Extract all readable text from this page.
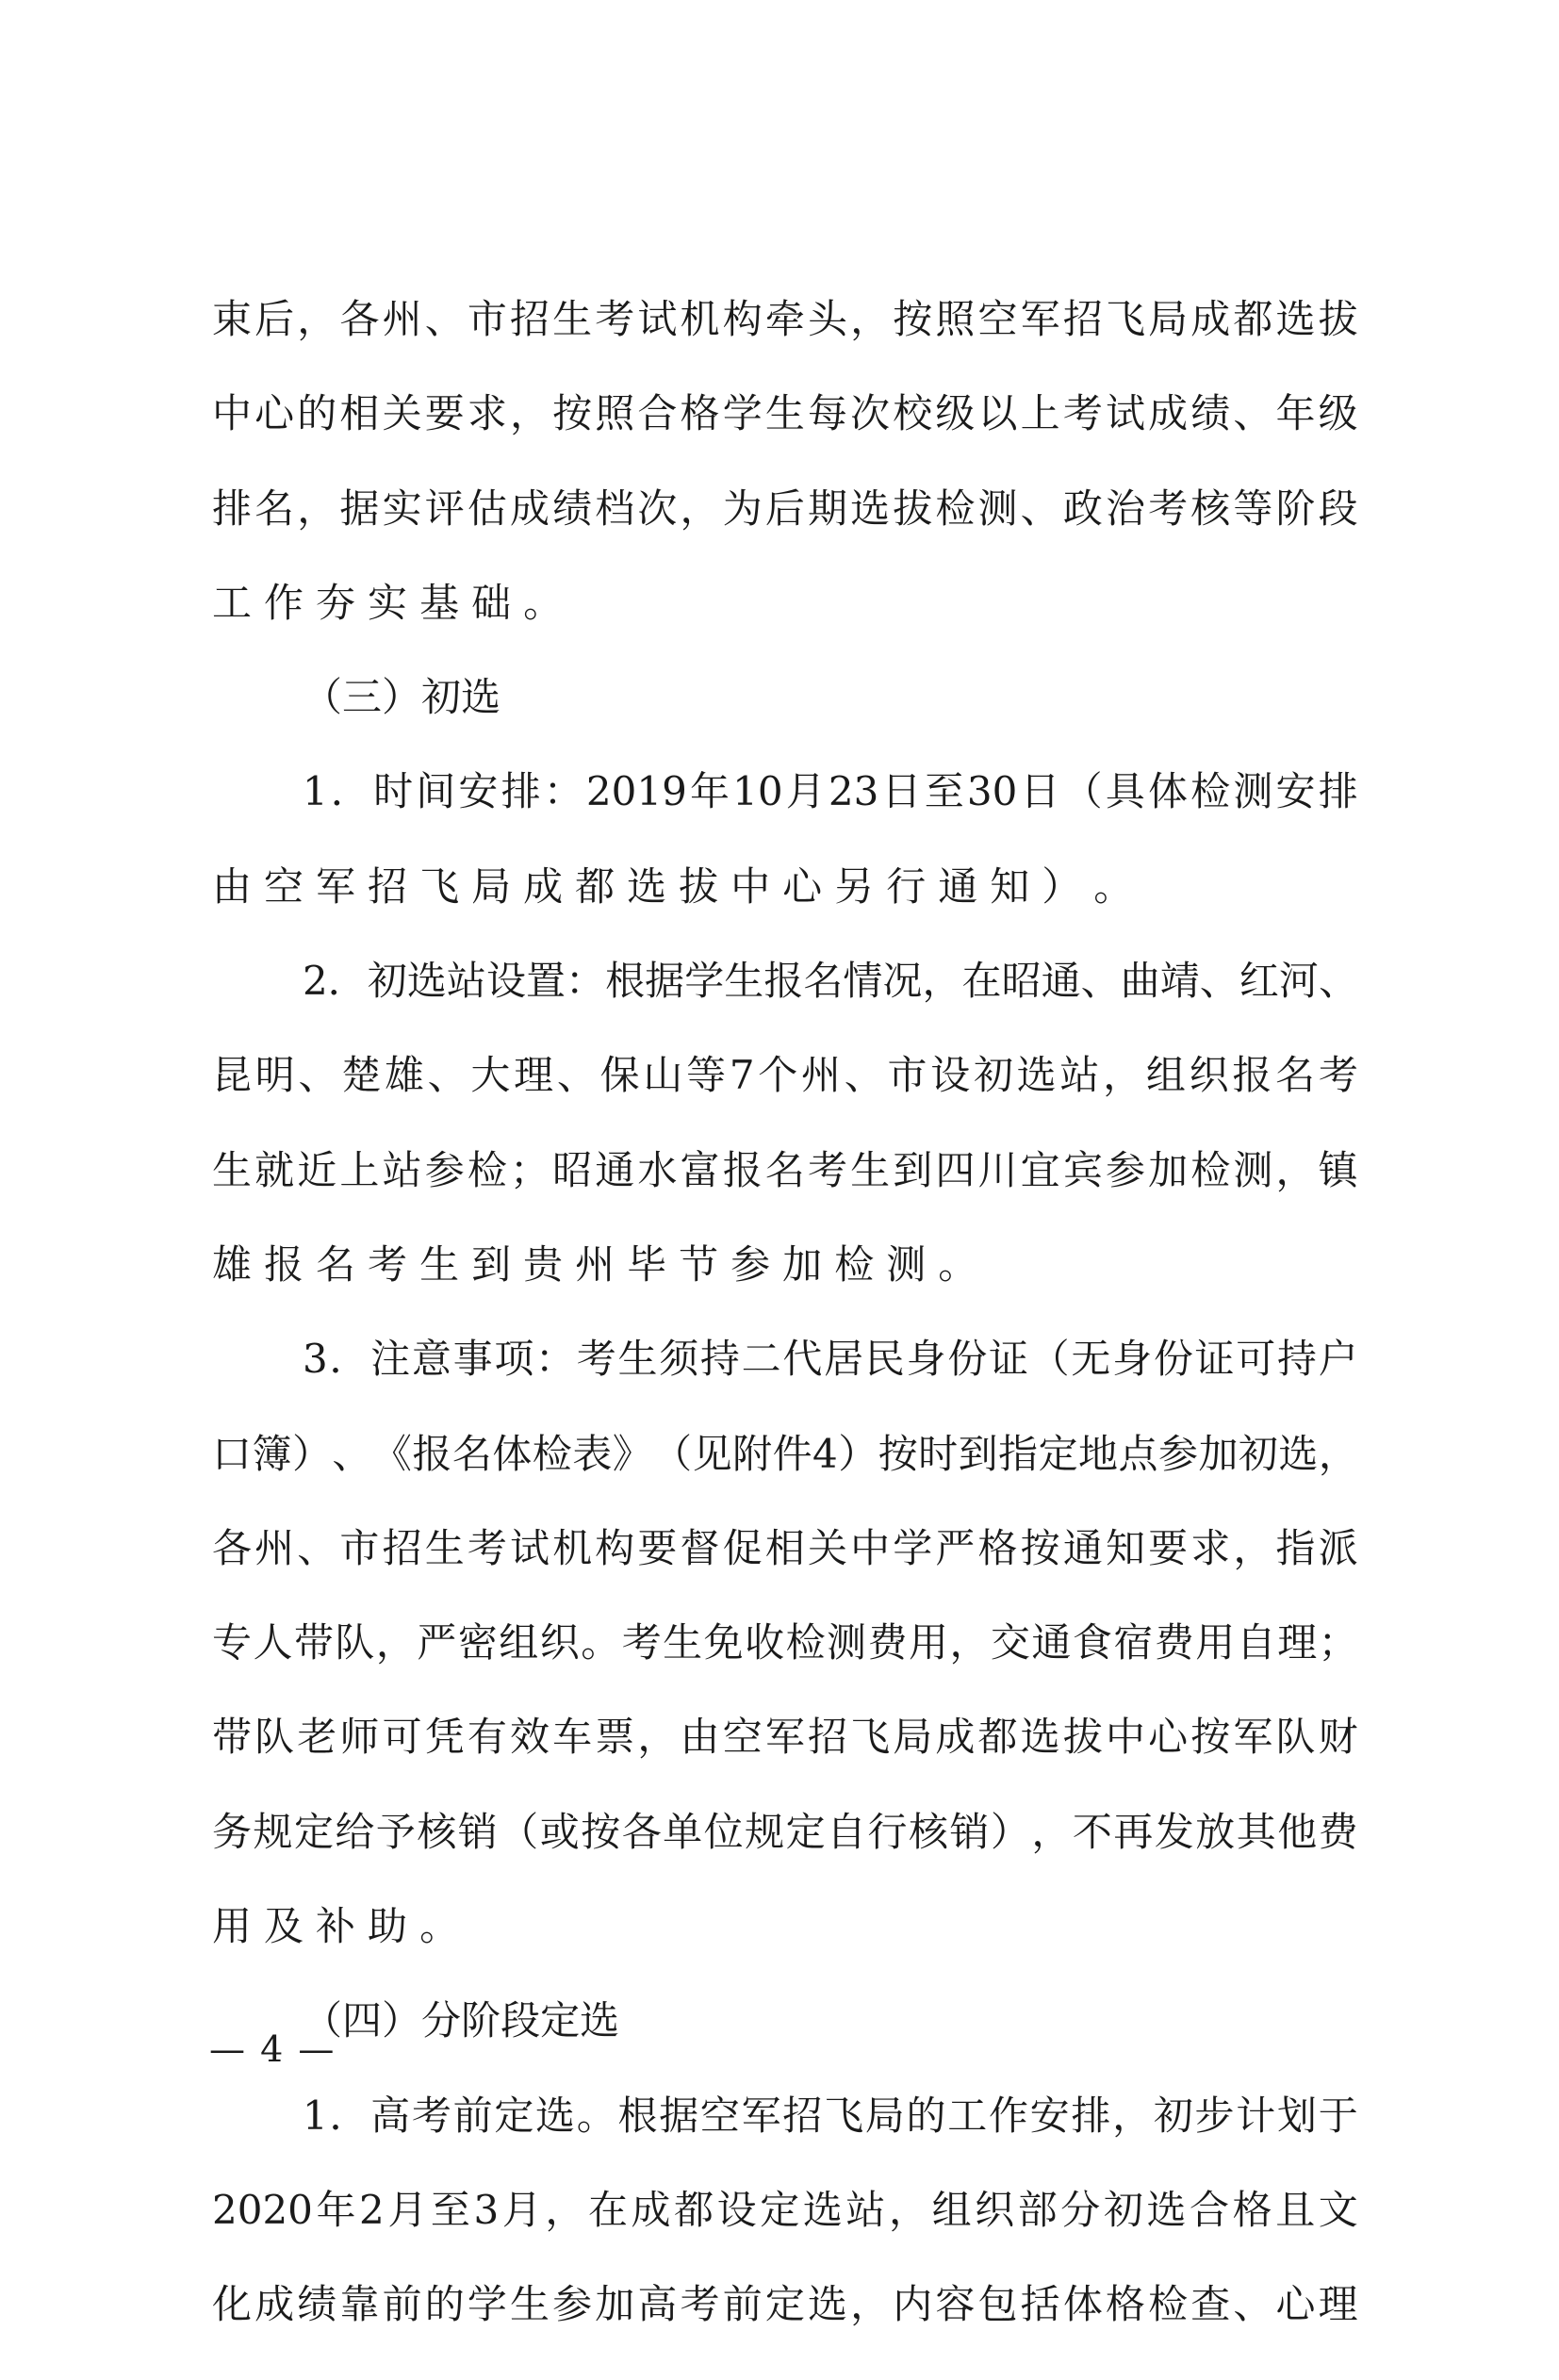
束 后 ， 各 州 、 市 招 生 考 试 机 构 牵 头 ， 按 照 空 军 招 飞 局 成 都 选 拔
中 心 的 相 关 要 求 ， 按 照 合 格 学 生 每 次 校 级 以 上 考 试 成 绩 、 年 级
排 名 ， 据 实 评 估 成 绩 档 次 ， 为 后 期 选 拔 检 测 、 政 治 考 核 等 阶 段
工 作 夯 实 基 础 。
（ 三 ） 初 选
1 ． 时 间 安 排 ： 2019 年 10 月 23 日 至 30 日 （ 具 体 检 测 安 排
由 空 军 招 飞 局 成 都 选 拔 中 心 另 行 通 知 ） 。
2 ． 初 选 站 设 置 ： 根 据 学 生 报 名 情 况 ， 在 昭 通 、 曲 靖 、 红 河 、
昆 明 、 楚 雄 、 大 理 、 保 山 等 7 个 州 、 市 设 初 选 站 ， 组 织 报 名 考
生 就 近 上 站 参 检 ； 昭 通 水 富 报 名 考 生 到 四 川 宜 宾 参 加 检 测 ， 镇
雄 报 名 考 生 到 贵 州 毕 节 参 加 检 测 。
3 ． 注 意 事 项 ： 考 生 须 持 二 代 居 民 身 份 证 （ 无 身 份 证 可 持 户
口 簿 ） 、 《 报 名 体 检 表 》 （ 见 附 件 4 ） 按 时 到 指 定 地 点 参 加 初 选 ，
各 州 、 市 招 生 考 试 机 构 要 督 促 相 关 中 学 严 格 按 通 知 要 求 ， 指 派
专 人 带 队 ， 严 密 组 织 。 考 生 免 收 检 测 费 用 ， 交 通 食 宿 费 用 自 理 ；
带 队 老 师 可 凭 有 效 车 票 ， 由 空 军 招 飞 局 成 都 选 拔 中 心 按 军 队 财
务 规 定 给 予 核 销 （ 或 按 各 单 位 规 定 自 行 核 销 ） ， 不 再 发 放 其 他 费
用 及 补 助 。
（ 四 ） 分 阶 段 定 选
1 ． 高 考 前 定 选 。 根 据 空 军 招 飞 局 的 工 作 安 排 ， 初 步 计 划 于
2020 年 2 月 至 3 月 ， 在 成 都 设 定 选 站 ， 组 织 部 分 初 选 合 格 且 文
化 成 绩 靠 前 的 学 生 参 加 高 考 前 定 选 ， 内 容 包 括 体 格 检 查 、 心 理
— 4 —
